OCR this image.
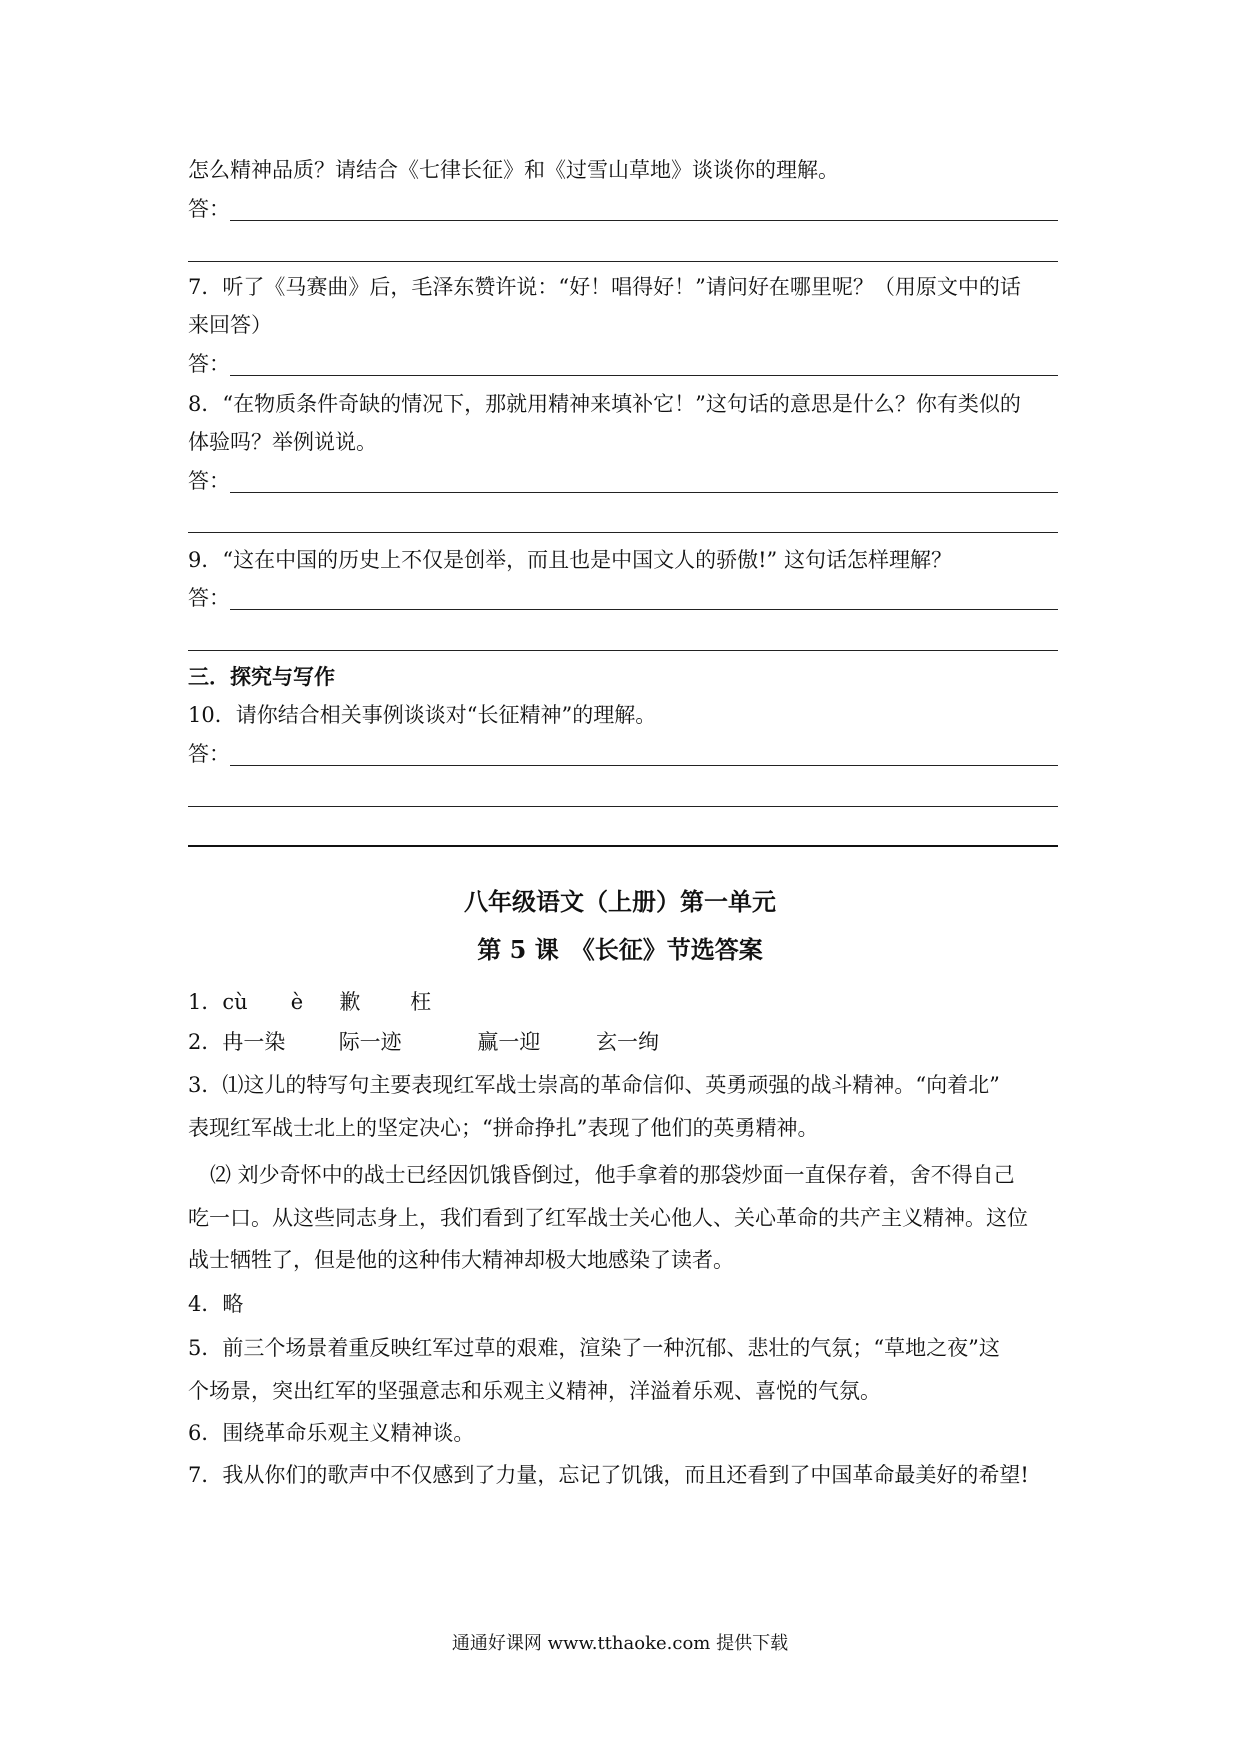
怎么精神品质？请结合《七律长征》和《过雪山草地》谈谈你的理解。
答：
7．听了《马赛曲》后，毛泽东赞许说：“好！唱得好！”请问好在哪里呢？（用原文中的话
来回答）
答：
8．“在物质条件奇缺的情况下，那就用精神来填补它！”这句话的意思是什么？你有类似的
体验吗？举例说说。
答：
9．“这在中国的历史上不仅是创举，而且也是中国文人的骄傲!” 这句话怎样理解？
答：
三．探究与写作
10．请你结合相关事例谈谈对“长征精神”的理解。
答：
八年级语文（上册）第一单元
第 5 课　《长征》节选答案
1．cù è 歉 枉
2．冉一染	际一迹	赢一迎	玄一绚
3．⑴这儿的特写句主要表现红军战士崇高的革命信仰、英勇顽强的战斗精神。“向着北”
表现红军战士北上的坚定决心；“拼命挣扎”表现了他们的英勇精神。
⑵ 刘少奇怀中的战士已经因饥饿昏倒过，他手拿着的那袋炒面一直保存着，舍不得自己
吃一口。从这些同志身上，我们看到了红军战士关心他人、关心革命的共产主义精神。这位
战士牺牲了，但是他的这种伟大精神却极大地感染了读者。
4．略
5．前三个场景着重反映红军过草的艰难，渲染了一种沉郁、悲壮的气氛；“草地之夜”这
个场景，突出红军的坚强意志和乐观主义精神，洋溢着乐观、喜悦的气氛。
6．围绕革命乐观主义精神谈。
7．我从你们的歌声中不仅感到了力量，忘记了饥饿，而且还看到了中国革命最美好的希望!
通通好课网 www.tthaoke.com 提供下载
